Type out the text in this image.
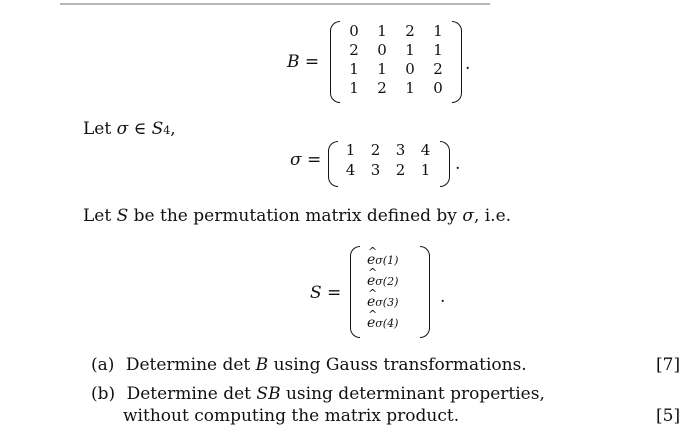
B =
0	1	2	1
2	0	1	1
1	1	0	2
1	2	1	0
.
Let σ ∈ S4,
σ =	1	2	3	4
4	3	2	1	.
Let S be the permutation matrix defined by σ, i.e.
S =
^ eσ(1)
^ eσ(2)
^ eσ(3)
^ eσ(4)
.
(a) Determine det B using Gauss transformations.	[7]
(b) Determine det SB using determinant properties,
without computing the matrix product.	[5]
